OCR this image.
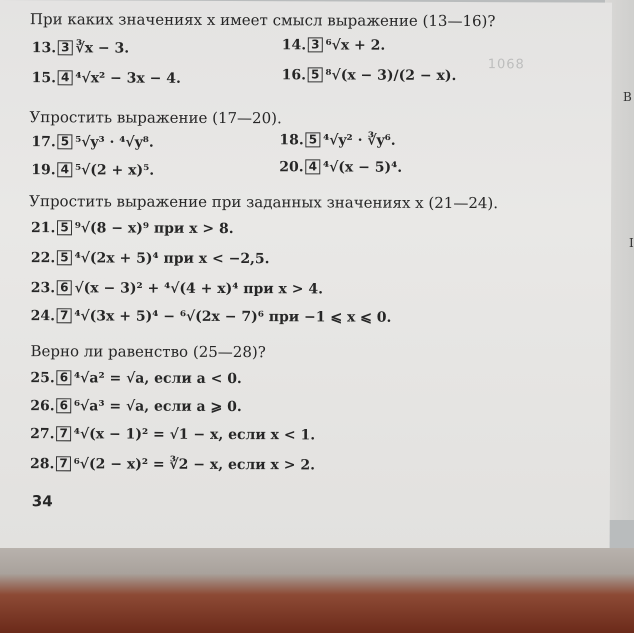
В
I
1068
При каких значениях x имеет смысл выражение (13—16)?
13. 3 ∛x − 3.	14. 3 ⁶√x + 2.
15. 4 ⁴√x² − 3x − 4.	16. 5 ⁸√(x − 3)/(2 − x).
Упростить выражение (17—20).
17. 5 ⁵√y³ · ⁴√y⁸.	18. 5 ⁴√y² · ∛y⁶.
19. 4 ⁵√(2 + x)⁵.	20. 4 ⁴√(x − 5)⁴.
Упростить выражение при заданных значениях x (21—24).
21. 5 ⁹√(8 − x)⁹ при x > 8.
22. 5 ⁴√(2x + 5)⁴ при x < −2,5.
23. 6 √(x − 3)² + ⁴√(4 + x)⁴ при x > 4.
24. 7 ⁴√(3x + 5)⁴ − ⁶√(2x − 7)⁶ при −1 ⩽ x ⩽ 0.
Верно ли равенство (25—28)?
25. 6 ⁴√a² = √a, если a < 0.
26. 6 ⁶√a³ = √a, если a ⩾ 0.
27. 7 ⁴√(x − 1)² = √1 − x, если x < 1.
28. 7 ⁶√(2 − x)² = ∛2 − x, если x > 2.
34
